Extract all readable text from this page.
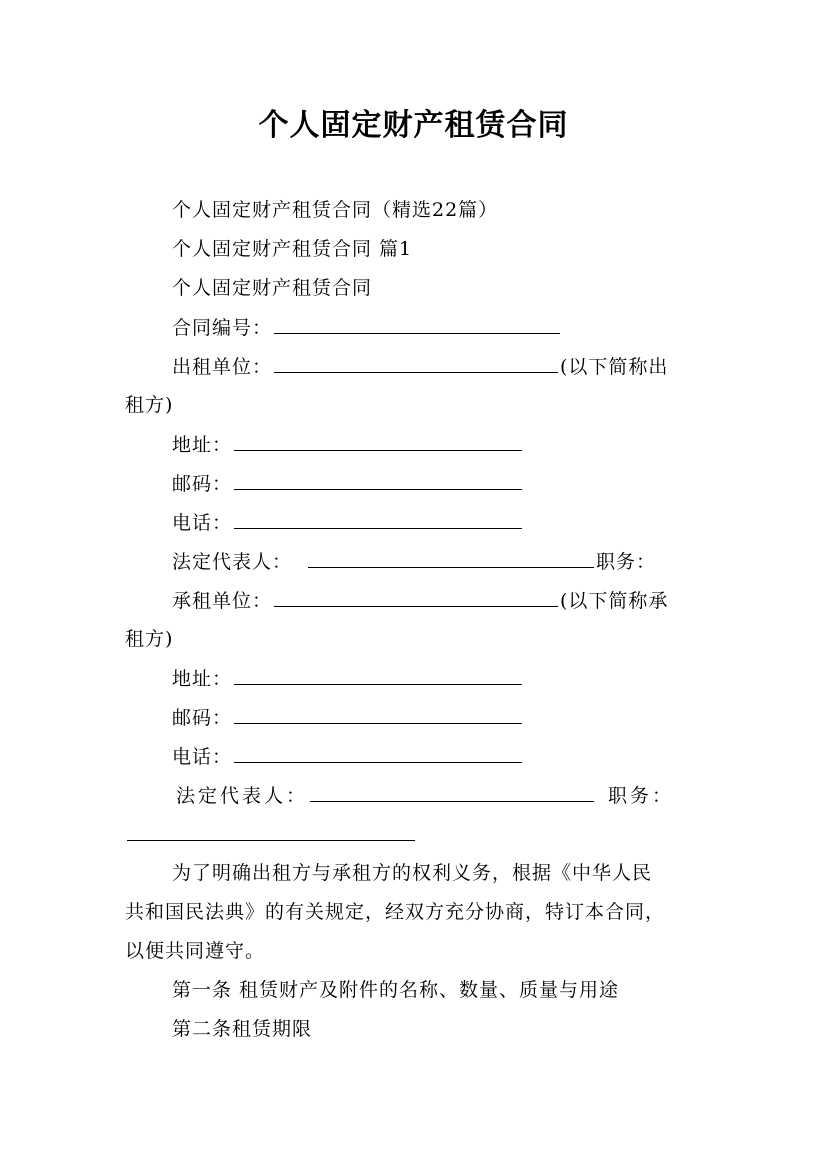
个人固定财产租赁合同
个人固定财产租赁合同（精选22篇）
个人固定财产租赁合同 篇1
个人固定财产租赁合同
合同编号：
出租单位：	(以下简称出
租方)
地址：
邮码：
电话：
法定代表人：	职务：
承租单位：	(以下简称承
租方)
地址：
邮码：
电话：
法定代表人：	职务：
为了明确出租方与承租方的权利义务，根据《中华人民
共和国民法典》的有关规定，经双方充分协商，特订本合同，
以便共同遵守。
第一条 租赁财产及附件的名称、数量、质量与用途
第二条租赁期限
